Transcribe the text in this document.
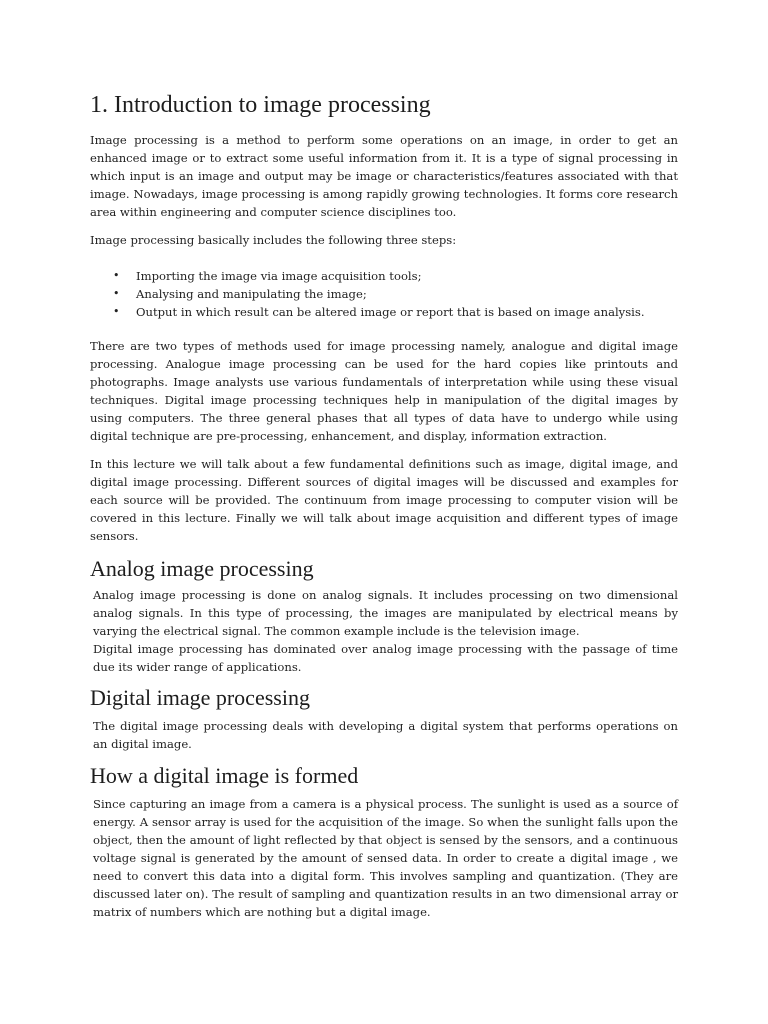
1. Introduction to image processing

Image processing is a method to perform some operations on an image, in order to get an enhanced image or to extract some useful information from it. It is a type of signal processing in which input is an image and output may be image or characteristics/features associated with that image. Nowadays, image processing is among rapidly growing technologies. It forms core research area within engineering and computer science disciplines too.

Image processing basically includes the following three steps:

• Importing the image via image acquisition tools;
• Analysing and manipulating the image;
• Output in which result can be altered image or report that is based on image analysis.

There are two types of methods used for image processing namely, analogue and digital image processing. Analogue image processing can be used for the hard copies like printouts and photographs. Image analysts use various fundamentals of interpretation while using these visual techniques. Digital image processing techniques help in manipulation of the digital images by using computers. The three general phases that all types of data have to undergo while using digital technique are pre-processing, enhancement, and display, information extraction.

In this lecture we will talk about a few fundamental definitions such as image, digital image, and digital image processing. Different sources of digital images will be discussed and examples for each source will be provided. The continuum from image processing to computer vision will be covered in this lecture. Finally we will talk about image acquisition and different types of image sensors.

Analog image processing

Analog image processing is done on analog signals. It includes processing on two dimensional analog signals. In this type of processing, the images are manipulated by electrical means by varying the electrical signal. The common example include is the television image.

Digital image processing has dominated over analog image processing with the passage of time due its wider range of applications.

Digital image processing

The digital image processing deals with developing a digital system that performs operations on an digital image.

How a digital image is formed

Since capturing an image from a camera is a physical process. The sunlight is used as a source of energy. A sensor array is used for the acquisition of the image. So when the sunlight falls upon the object, then the amount of light reflected by that object is sensed by the sensors, and a continuous voltage signal is generated by the amount of sensed data. In order to create a digital image , we need to convert this data into a digital form. This involves sampling and quantization. (They are discussed later on). The result of sampling and quantization results in an two dimensional array or matrix of numbers which are nothing but a digital image.
